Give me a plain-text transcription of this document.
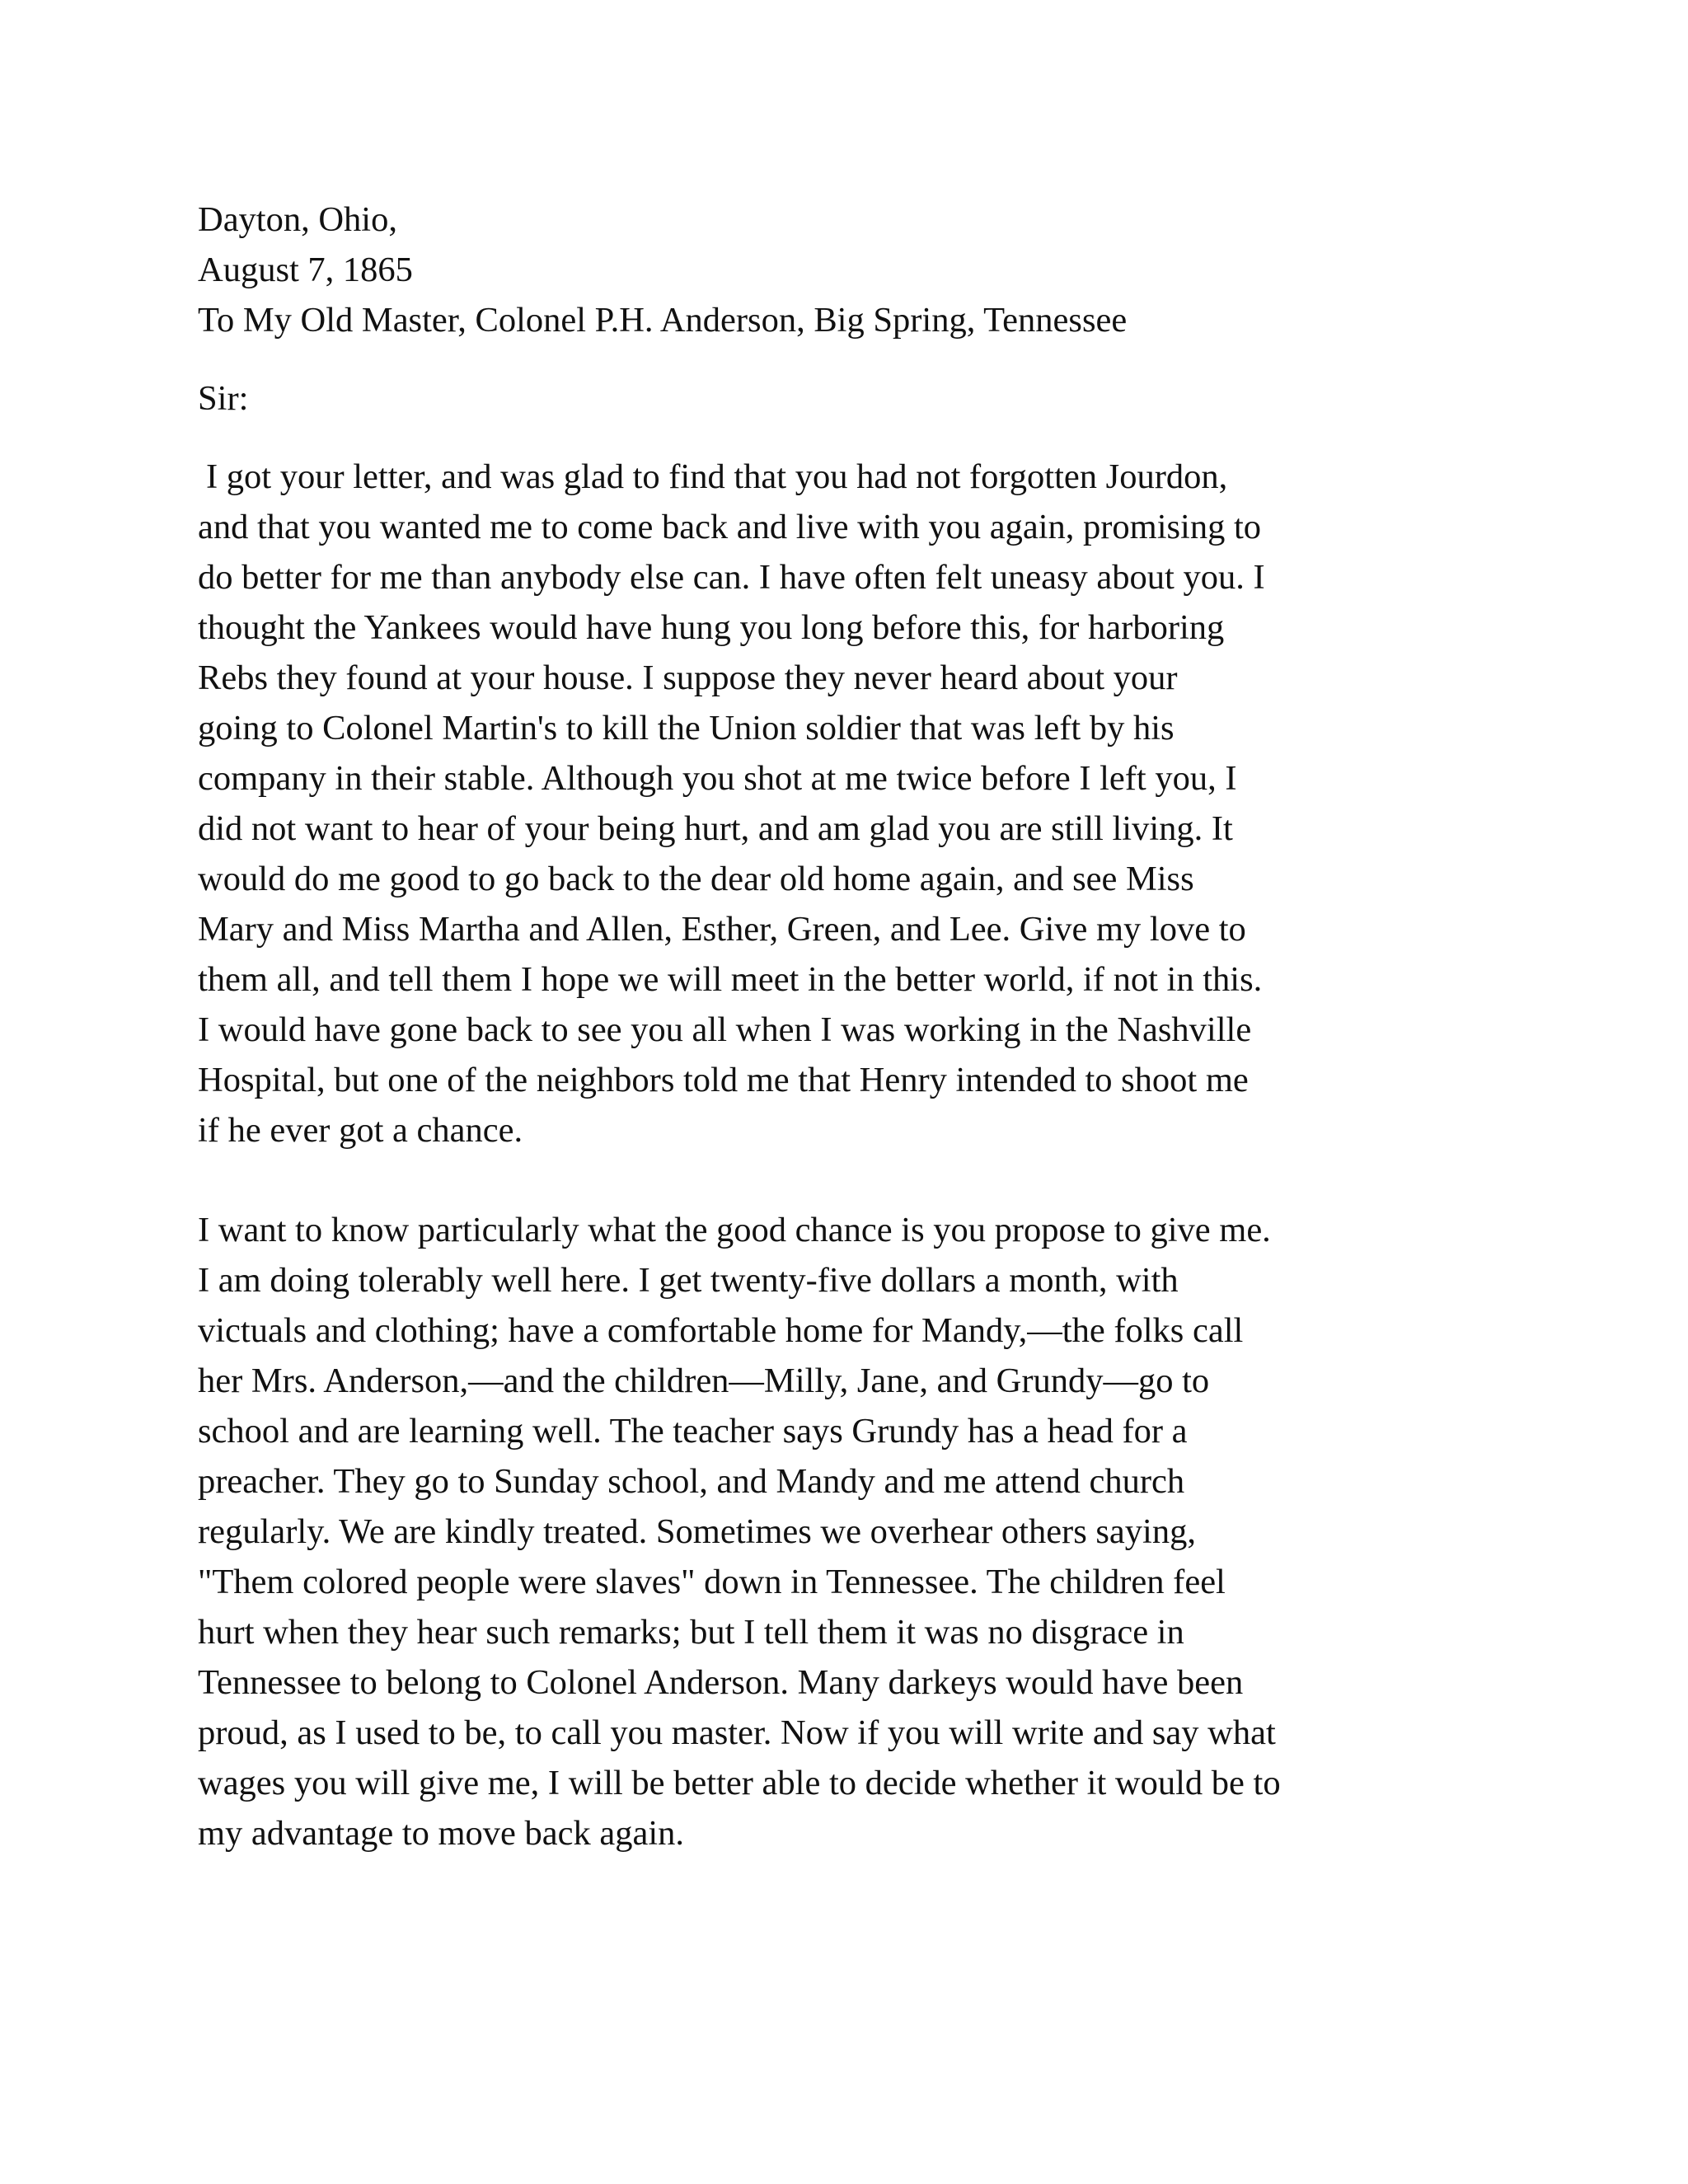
Dayton, Ohio,

August 7, 1865

To My Old Master, Colonel P.H. Anderson, Big Spring, Tennessee

Sir:

I got your letter, and was glad to find that you had not forgotten Jourdon,
and that you wanted me to come back and live with you again, promising to
do better for me than anybody else can. I have often felt uneasy about you. I
thought the Yankees would have hung you long before this, for harboring
Rebs they found at your house. I suppose they never heard about your
going to Colonel Martin's to kill the Union soldier that was left by his
company in their stable. Although you shot at me twice before I left you, I
did not want to hear of your being hurt, and am glad you are still living. It
would do me good to go back to the dear old home again, and see Miss
Mary and Miss Martha and Allen, Esther, Green, and Lee. Give my love to
them all, and tell them I hope we will meet in the better world, if not in this.
I would have gone back to see you all when I was working in the Nashville
Hospital, but one of the neighbors told me that Henry intended to shoot me
if he ever got a chance.
I want to know particularly what the good chance is you propose to give me.
I am doing tolerably well here. I get twenty-five dollars a month, with
victuals and clothing; have a comfortable home for Mandy,—the folks call
her Mrs. Anderson,—and the children—Milly, Jane, and Grundy—go to
school and are learning well. The teacher says Grundy has a head for a
preacher. They go to Sunday school, and Mandy and me attend church
regularly. We are kindly treated. Sometimes we overhear others saying,
"Them colored people were slaves" down in Tennessee. The children feel
hurt when they hear such remarks; but I tell them it was no disgrace in
Tennessee to belong to Colonel Anderson. Many darkeys would have been
proud, as I used to be, to call you master. Now if you will write and say what
wages you will give me, I will be better able to decide whether it would be to
my advantage to move back again.
